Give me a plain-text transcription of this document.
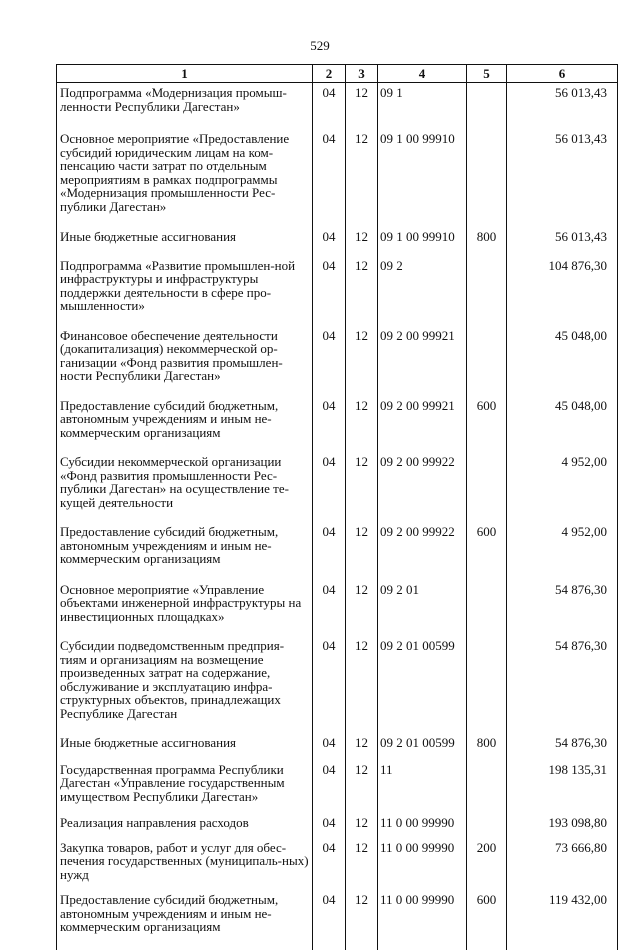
529
1	2	3	4	5	6
Подпрограмма «Модернизация промыш-ленности Республики Дагестан»	04	12	09 1		56 013,43
Основное мероприятие «Предоставление субсидий юридическим лицам на ком-пенсацию части затрат по отдельным мероприятиям в рамках подпрограммы «Модернизация промышленности Рес-публики Дагестан»	04	12	09 1 00 99910		56 013,43
Иные бюджетные ассигнования	04	12	09 1 00 99910	800	56 013,43
Подпрограмма «Развитие промышлен-ной инфраструктуры и инфраструктуры поддержки деятельности в сфере про-мышленности»	04	12	09 2		104 876,30
Финансовое обеспечение деятельности (докапитализация) некоммерческой ор-ганизации «Фонд развития промышлен-ности Республики Дагестан»	04	12	09 2 00 99921		45 048,00
Предоставление субсидий бюджетным, автономным учреждениям и иным не-коммерческим организациям	04	12	09 2 00 99921	600	45 048,00
Субсидии некоммерческой организации «Фонд развития промышленности Рес-публики Дагестан» на осуществление те-кущей деятельности	04	12	09 2 00 99922		4 952,00
Предоставление субсидий бюджетным, автономным учреждениям и иным не-коммерческим организациям	04	12	09 2 00 99922	600	4 952,00
Основное мероприятие «Управление объектами инженерной инфраструктуры на инвестиционных площадках»	04	12	09 2 01		54 876,30
Субсидии подведомственным предприя-тиям и организациям на возмещение произведенных затрат на содержание, обслуживание и эксплуатацию инфра-структурных объектов, принадлежащих Республике Дагестан	04	12	09 2 01 00599		54 876,30
Иные бюджетные ассигнования	04	12	09 2 01 00599	800	54 876,30
Государственная программа Республики Дагестан «Управление государственным имуществом Республики Дагестан»	04	12	11		198 135,31
Реализация направления расходов	04	12	11 0 00 99990		193 098,80
Закупка товаров, работ и услуг для обес-печения государственных (муниципаль-ных) нужд	04	12	11 0 00 99990	200	73 666,80
Предоставление субсидий бюджетным, автономным учреждениям и иным не-коммерческим организациям	04	12	11 0 00 99990	600	119 432,00
